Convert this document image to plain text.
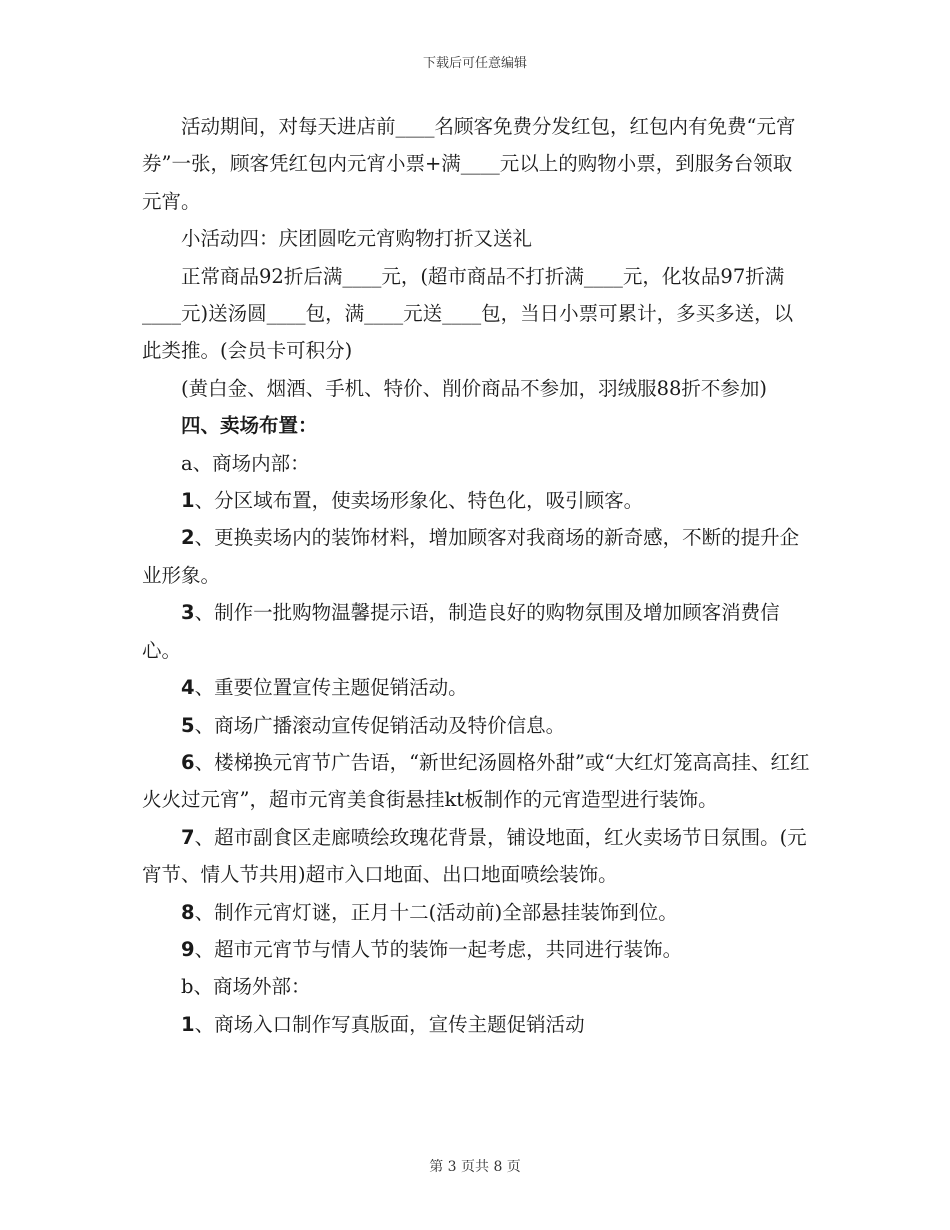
下载后可任意编辑

活动期间，对每天进店前____名顾客免费分发红包，红包内有免费“元宵券”一张，顾客凭红包内元宵小票+满____元以上的购物小票，到服务台领取元宵。

小活动四：庆团圆吃元宵购物打折又送礼

正常商品92折后满____元，(超市商品不打折满____元，化妆品97折满____元)送汤圆____包，满____元送____包，当日小票可累计，多买多送，以此类推。(会员卡可积分)

(黄白金、烟酒、手机、特价、削价商品不参加，羽绒服88折不参加)

四、卖场布置：

a、商场内部：

1、分区域布置，使卖场形象化、特色化，吸引顾客。

2、更换卖场内的装饰材料，增加顾客对我商场的新奇感，不断的提升企业形象。

3、制作一批购物温馨提示语，制造良好的购物氛围及增加顾客消费信心。

4、重要位置宣传主题促销活动。

5、商场广播滚动宣传促销活动及特价信息。

6、楼梯换元宵节广告语，“新世纪汤圆格外甜”或“大红灯笼高高挂、红红火火过元宵”，超市元宵美食街悬挂kt板制作的元宵造型进行装饰。

7、超市副食区走廊喷绘玫瑰花背景，铺设地面，红火卖场节日氛围。(元宵节、情人节共用)超市入口地面、出口地面喷绘装饰。

8、制作元宵灯谜，正月十二(活动前)全部悬挂装饰到位。

9、超市元宵节与情人节的装饰一起考虑，共同进行装饰。

b、商场外部：

1、商场入口制作写真版面，宣传主题促销活动

第 3 页共 8 页
